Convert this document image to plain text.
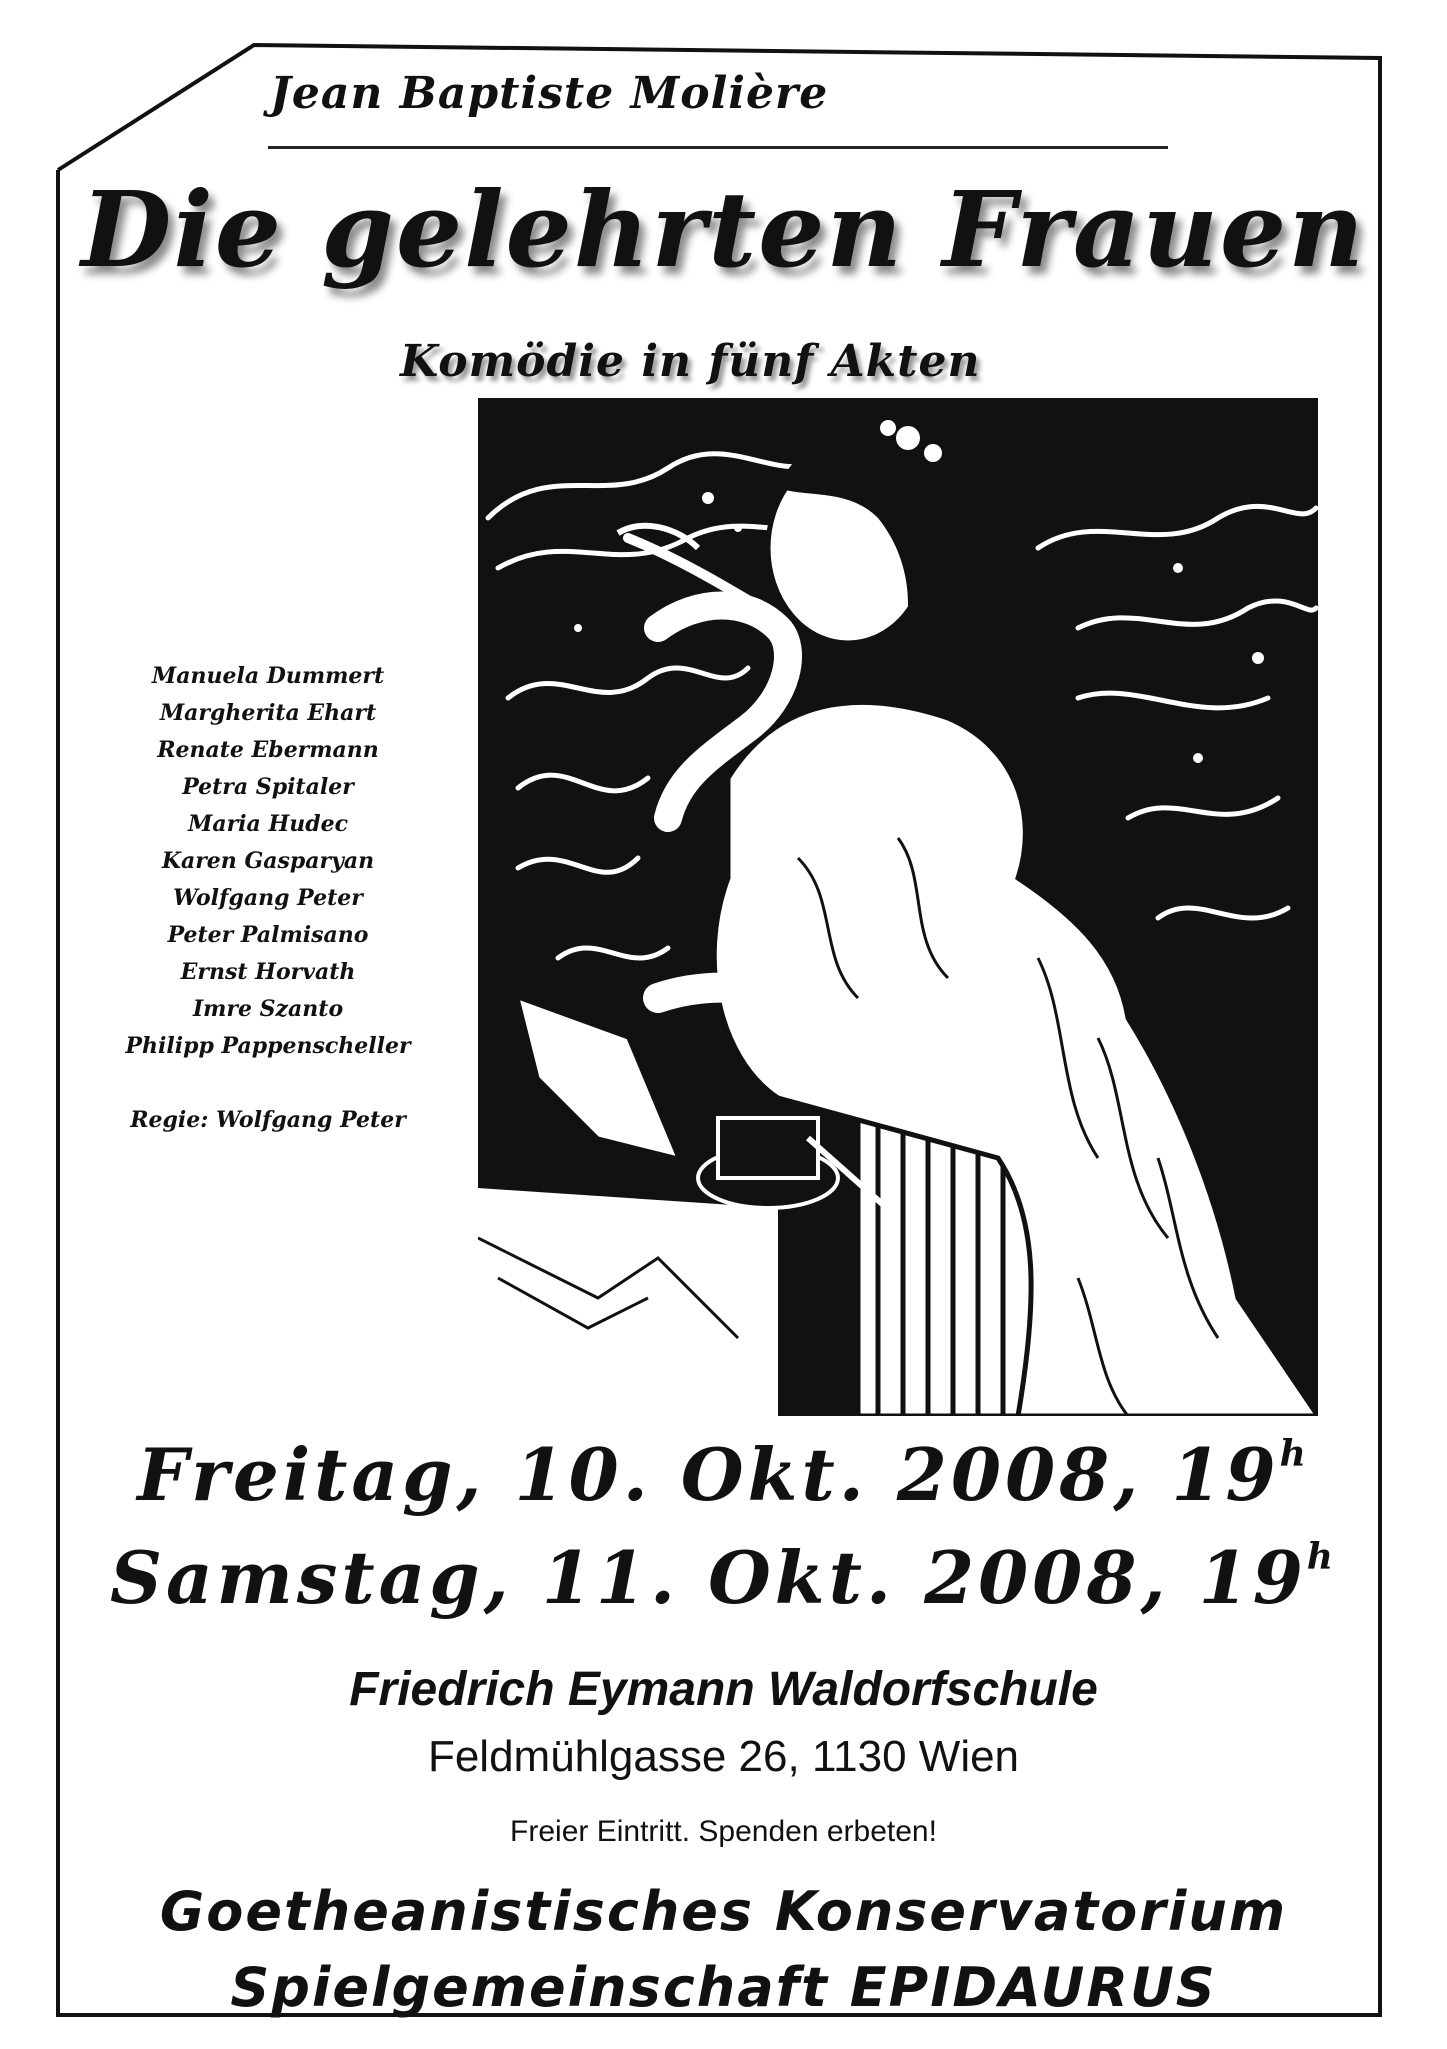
Jean Baptiste Molière
Die gelehrten Frauen
Komödie in fünf Akten
Manuela Dummert
Margherita Ehart
Renate Ebermann
Petra Spitaler
Maria Hudec
Karen Gasparyan
Wolfgang Peter
Peter Palmisano
Ernst Horvath
Imre Szanto
Philipp Pappenscheller
Regie: Wolfgang Peter
Freitag, 10. Okt. 2008, 19$^h$
Samstag, 11. Okt. 2008, 19$^h$
Friedrich Eymann Waldorfschule
Feldmühlgasse 26, 1130 Wien
Freier Eintritt. Spenden erbeten!
Goetheanistisches Konservatorium
Spielgemeinschaft EPIDAURUS
